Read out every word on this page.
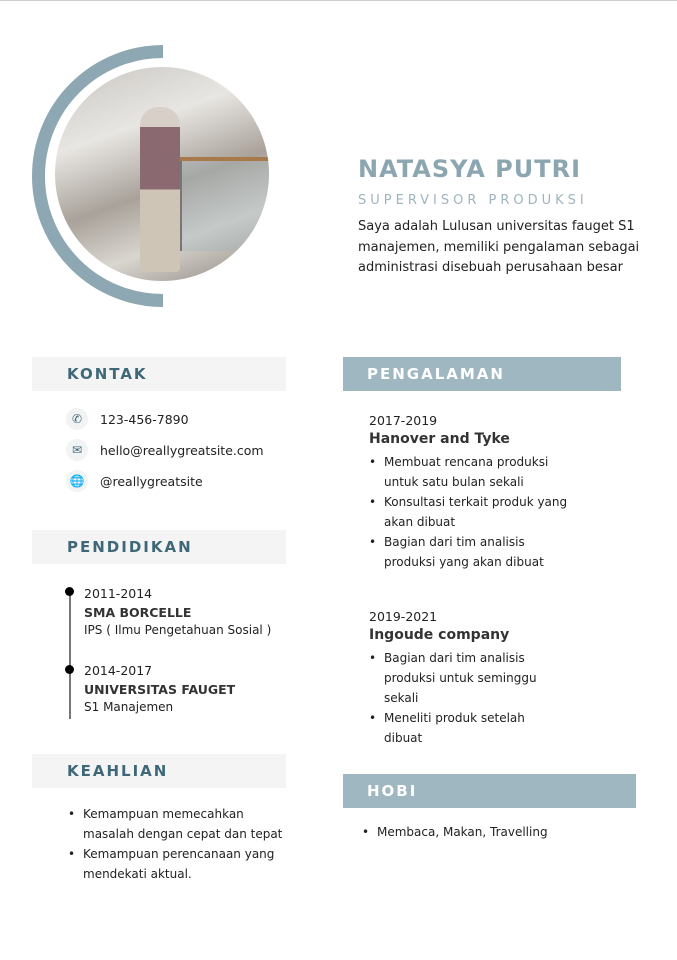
NATASYA PUTRI
SUPERVISOR PRODUKSI
Saya adalah Lulusan universitas fauget S1 manajemen, memiliki pengalaman sebagai administrasi disebuah perusahaan besar
KONTAK
✆	123-456-7890
✉	hello@reallygreatsite.com
🌐 @reallygreatsite
PENDIDIKAN
2011-2014
SMA BORCELLE
IPS ( Ilmu Pengetahuan Sosial )
2014-2017
UNIVERSITAS FAUGET
S1 Manajemen
KEAHLIAN
• Kemampuan memecahkan masalah dengan cepat dan tepat
• Kemampuan perencanaan yang mendekati aktual.
PENGALAMAN
2017-2019
Hanover and Tyke
• Membuat rencana produksi untuk satu bulan sekali
• Konsultasi terkait produk yang akan dibuat
• Bagian dari tim analisis produksi yang akan dibuat
2019-2021
Ingoude company
• Bagian dari tim analisis produksi untuk seminggu sekali
• Meneliti produk setelah dibuat
HOBI
• Membaca, Makan, Travelling
